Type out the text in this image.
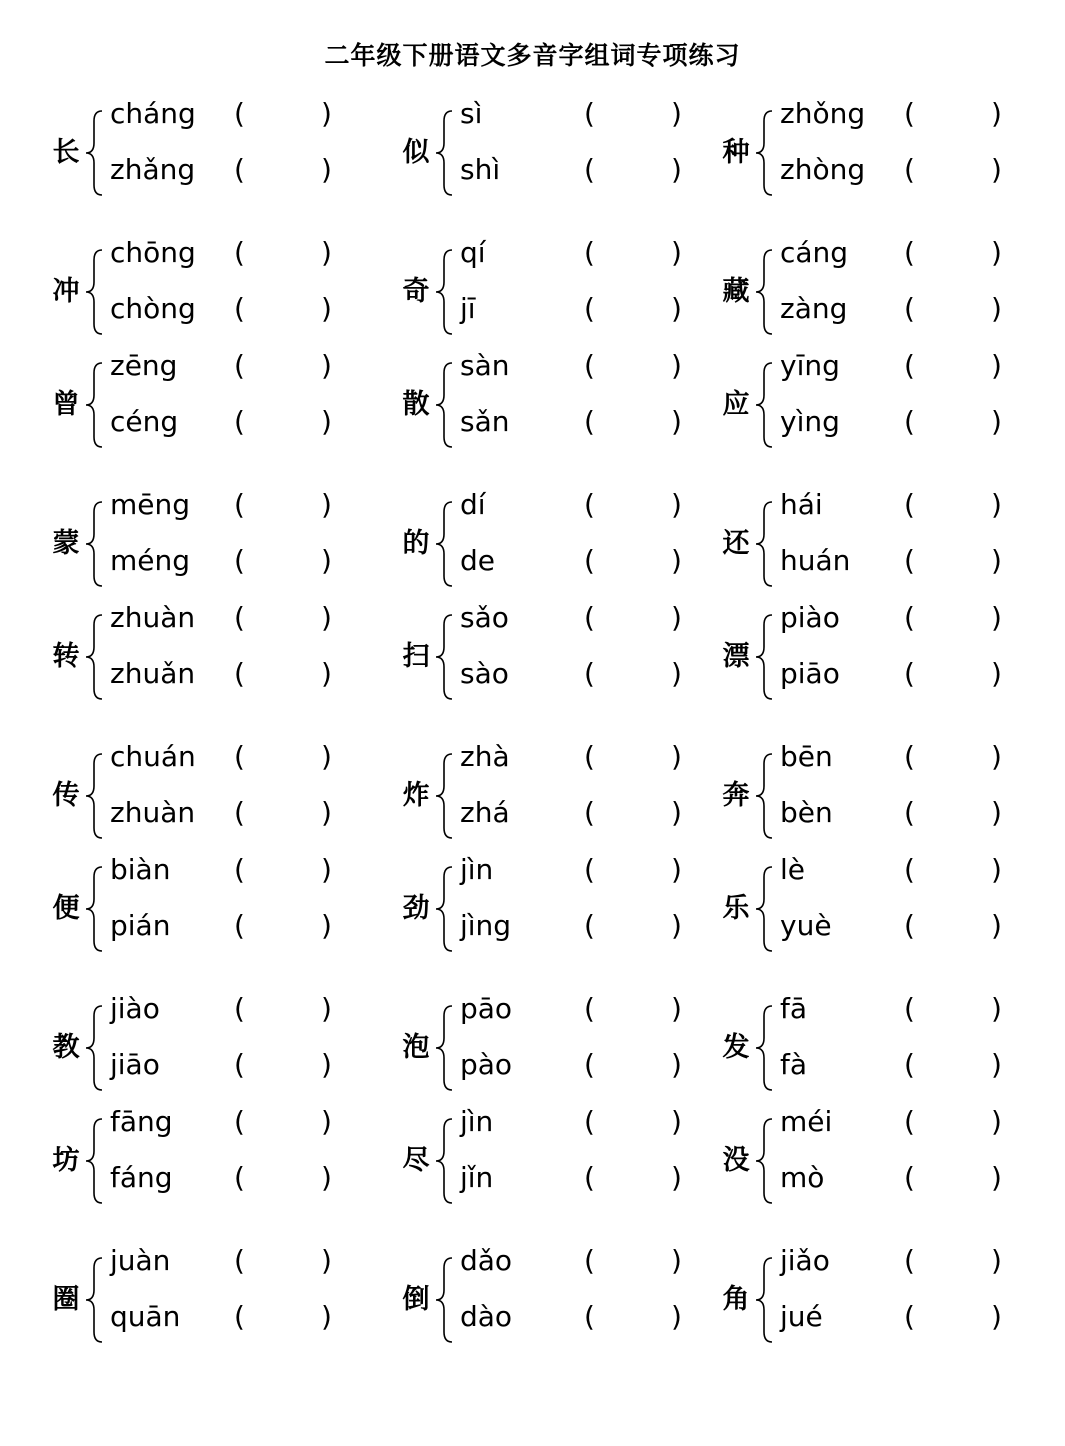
二年级下册语文多音字组词专项练习
长
cháng (	)
zhǎng (	)
似
sì	(	)
shì	(	)
种
zhǒng (	)
zhòng (	)
冲
chōng (	)
chòng (	)
奇
qí	(	)
jī	(	)
藏
cáng (	)
zàng (	)
曾
zēng (	)
céng (	)
散
sàn	(	)
sǎn	(	)
应
yīng (	)
yìng (	)
蒙
mēng (	)
méng (	)
的
dí	(	)
de	(	)
还
hái	(	)
huán (	)
转
zhuàn (	)
zhuǎn (	)
扫
sǎo	(	)
sào	(	)
漂
piào (	)
piāo (	)
传
chuán (	)
zhuàn (	)
炸
zhà	(	)
zhá	(	)
奔
bēn	(	)
bèn	(	)
便
biàn (	)
pián (	)
劲
jìn	(	)
jìng	(	)
乐
lè	(	)
yuè	(	)
教
jiào	(	)
jiāo	(	)
泡
pāo	(	)
pào	(	)
发
fā	(	)
fà	(	)
坊
fāng (	)
fáng (	)
尽
jìn	(	)
jǐn	(	)
没
méi	(	)
mò	(	)
圈
juàn (	)
quān (	)
倒
dǎo	(	)
dào	(	)
角
jiǎo	(	)
jué	(	)
